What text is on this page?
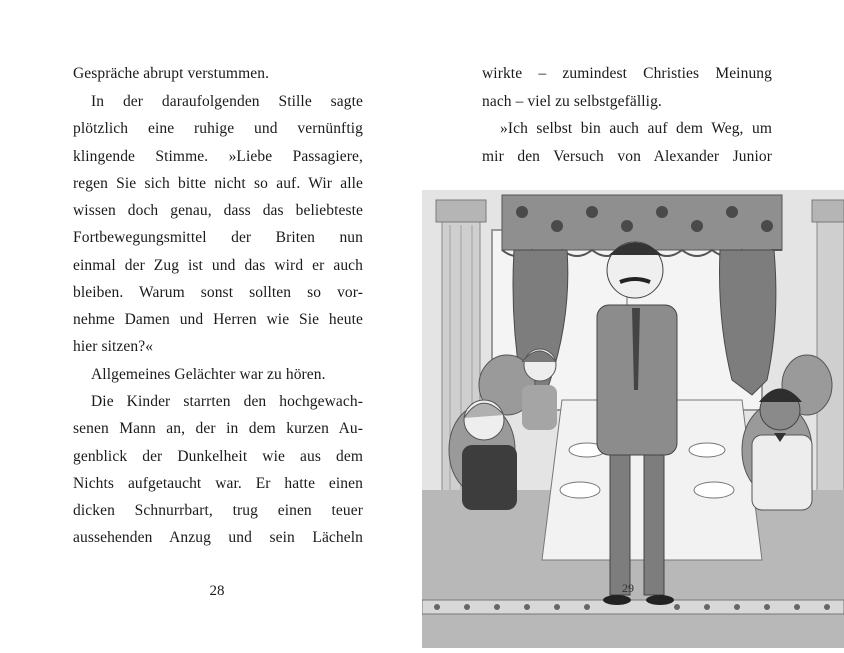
Gespräche abrupt verstummen.
In der daraufolgenden Stille sagte
plötzlich eine ruhige und vernünftig
klingende Stimme. »Liebe Passagiere,
regen Sie sich bitte nicht so auf. Wir alle
wissen doch genau, dass das beliebteste
Fortbewegungsmittel der Briten nun
einmal der Zug ist und das wird er auch
bleiben. Warum sonst sollten so vor-
nehme Damen und Herren wie Sie heute
hier sitzen?«
Allgemeines Gelächter war zu hören.
Die Kinder starrten den hochgewach-
senen Mann an, der in dem kurzen Au-
genblick der Dunkelheit wie aus dem
Nichts aufgetaucht war. Er hatte einen
dicken Schnurrbart, trug einen teuer
aussehenden Anzug und sein Lächeln
28
wirkte – zumindest Christies Meinung
nach – viel zu selbstgefällig.
»Ich selbst bin auch auf dem Weg, um
mir den Versuch von Alexander Junior
29
